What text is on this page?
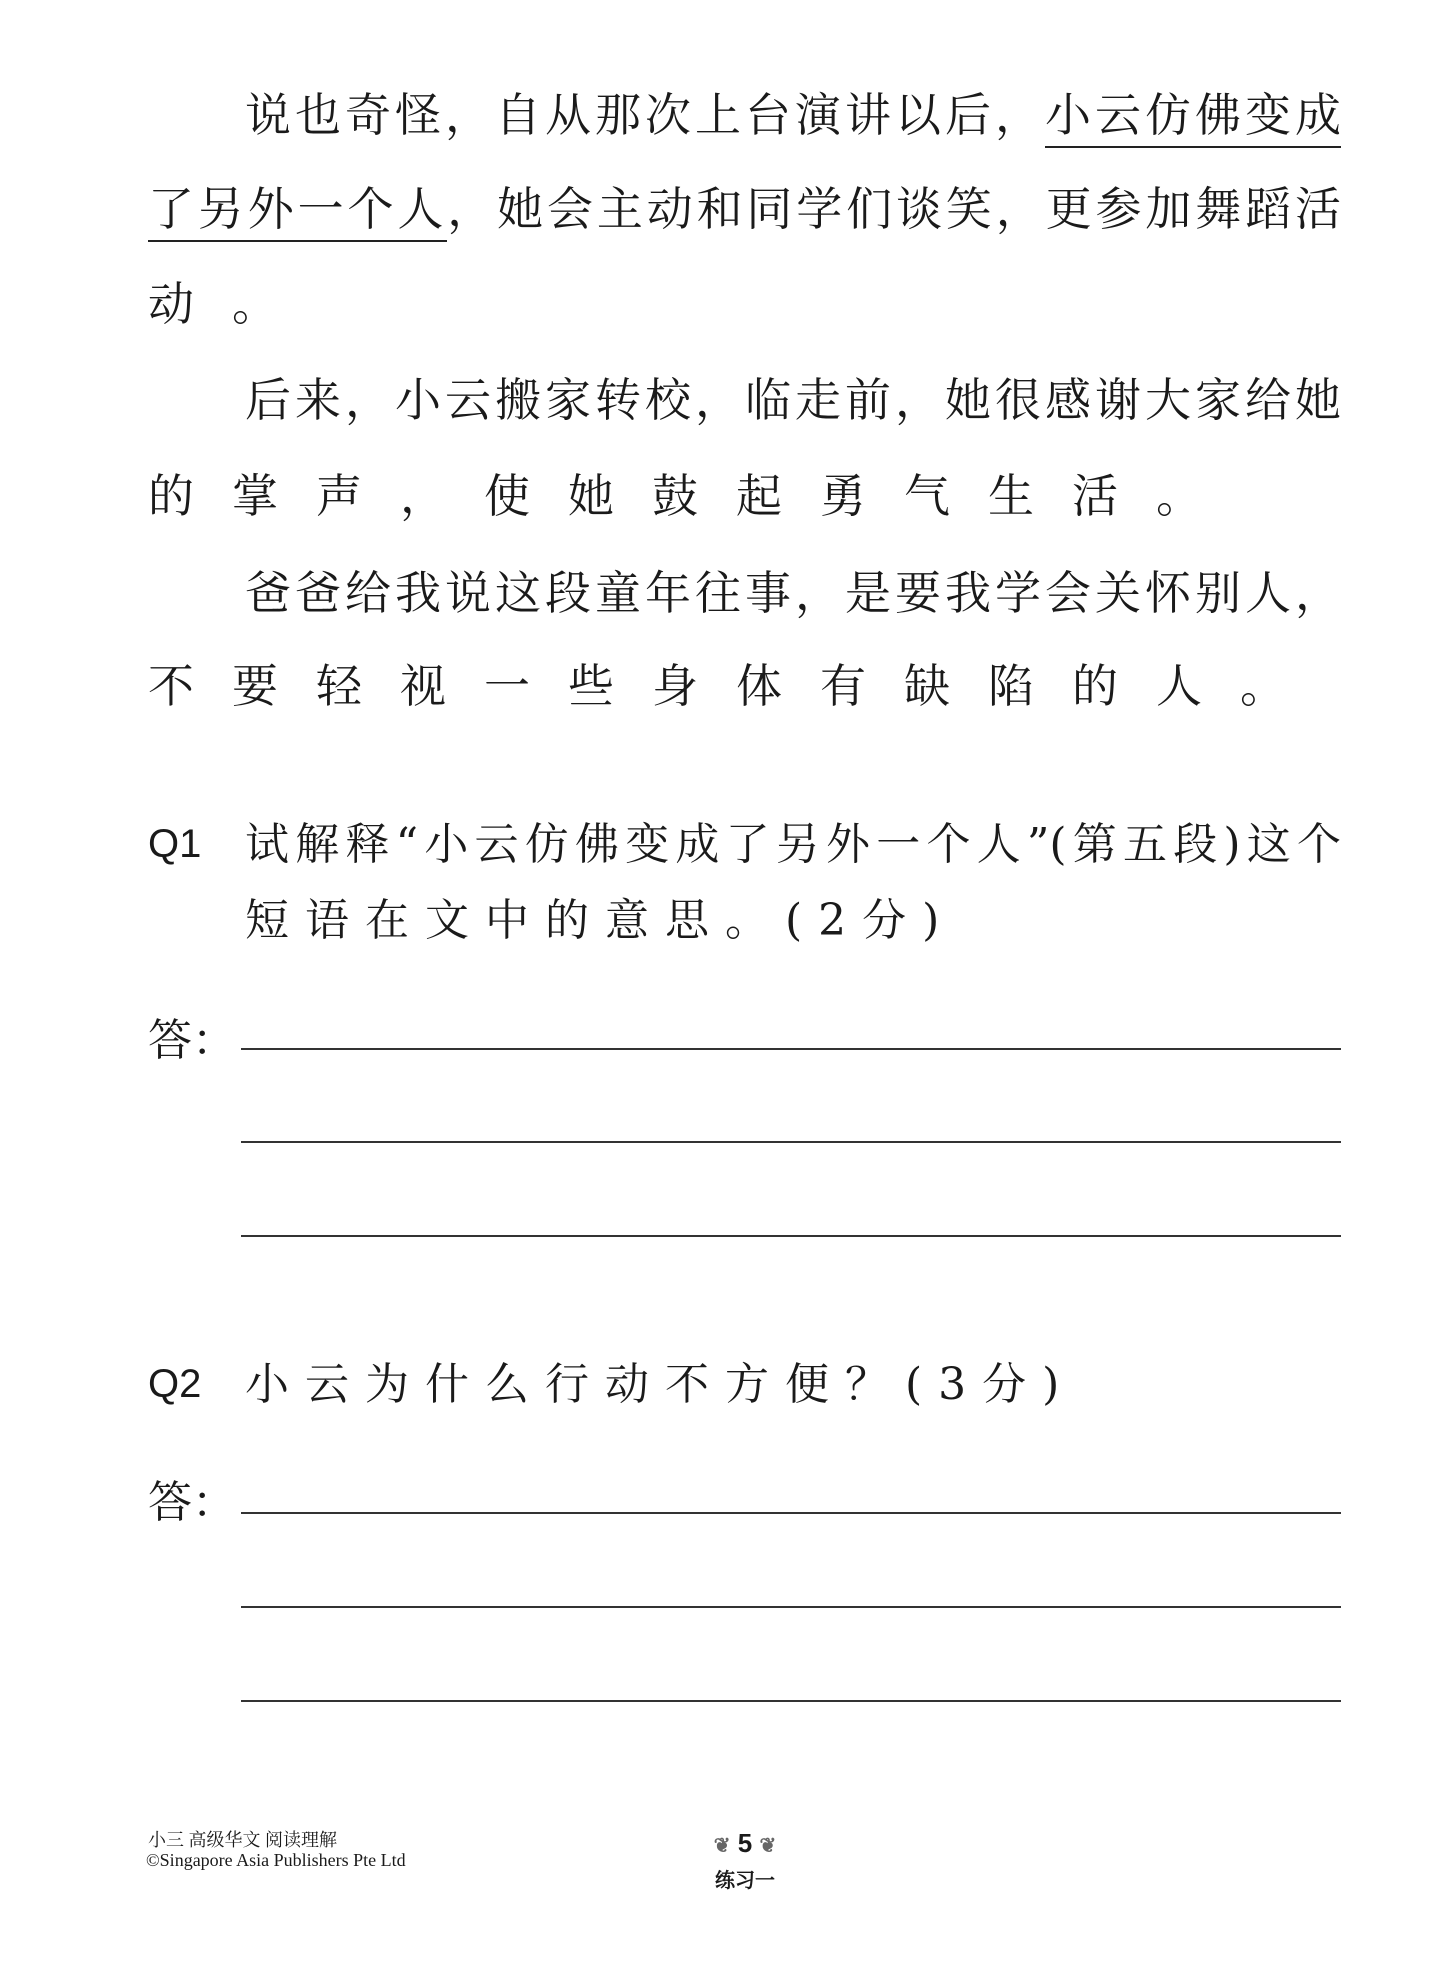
说也奇怪，自从那次上台演讲以后，小云仿佛变成
了另外一个人，她会主动和同学们谈笑，更参加舞蹈活
动。
后来，小云搬家转校，临走前，她很感谢大家给她
的掌声，使她鼓起勇气生活。
爸爸给我说这段童年往事，是要我学会关怀别人，
不要轻视一些身体有缺陷的人。
Q1 试解释“小云仿佛变成了另外一个人”(第五段)这个
短语在文中的意思。(2分)
答：
Q2 小云为什么行动不方便？(3分)
答：
小三 高级华文 阅读理解
©Singapore Asia Publishers Pte Ltd
❦ 5 ❦
练习一
